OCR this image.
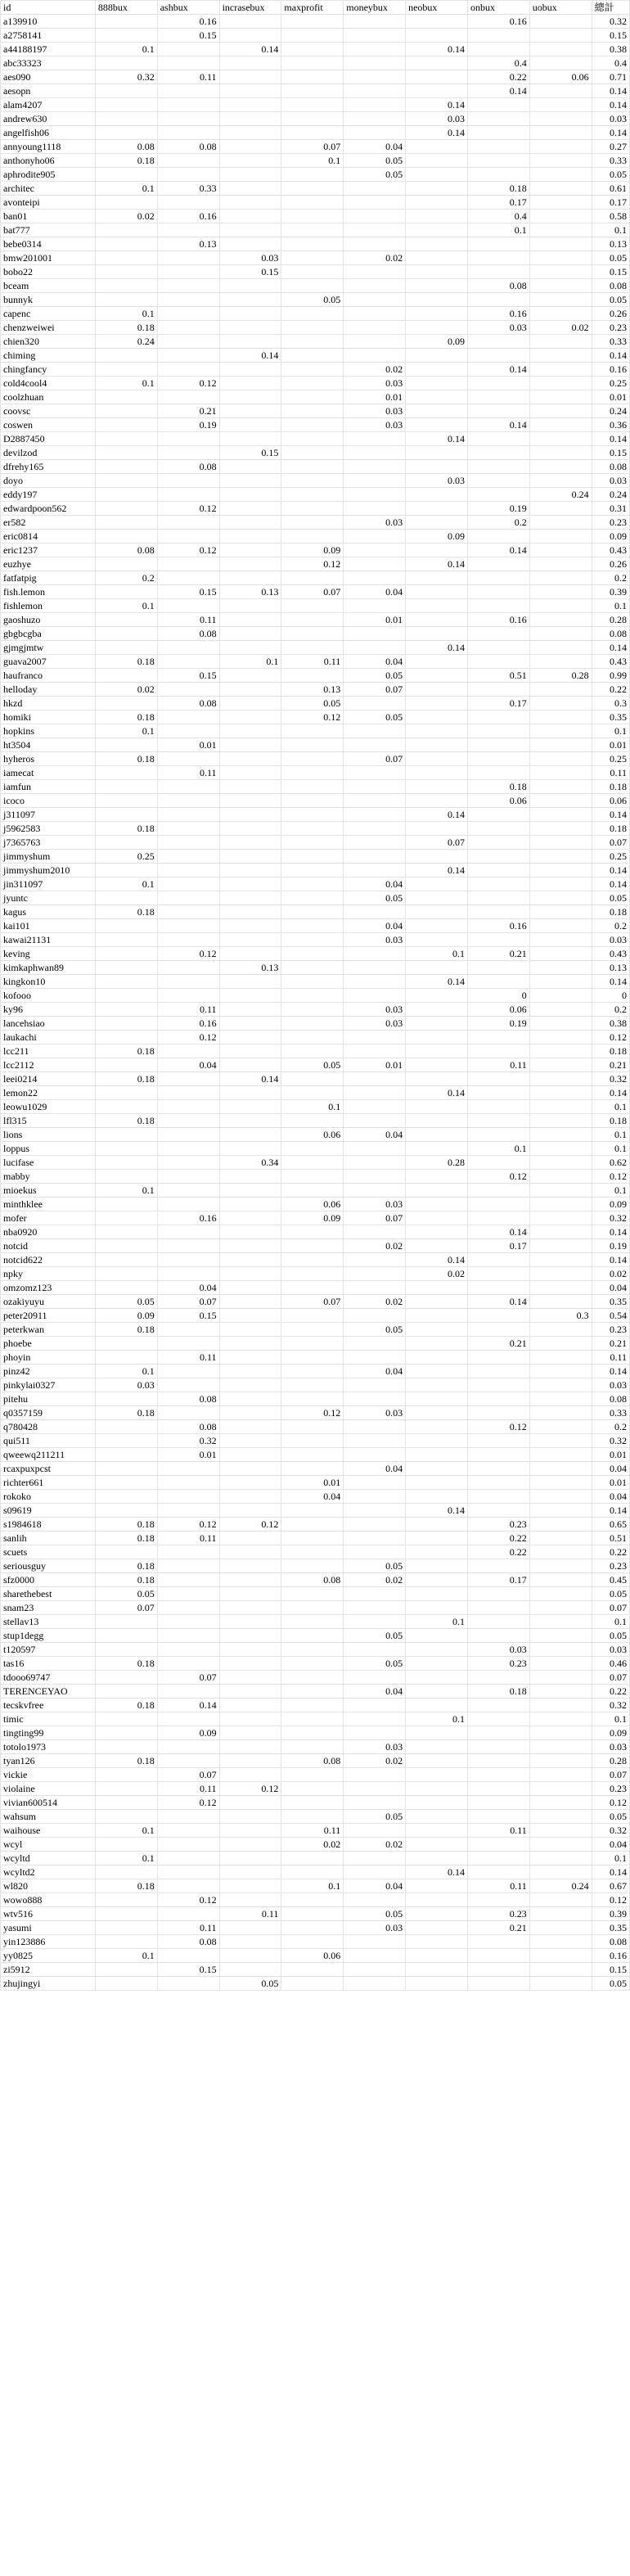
id	888bux	ashbux	incrasebux	maxprofit	moneybux	neobux	onbux	uobux	總計
a139910		0.16					0.16		0.32
a2758141		0.15							0.15
a44188197	0.1		0.14			0.14			0.38
abc33323							0.4		0.4
aes090	0.32	0.11					0.22	0.06	0.71
aesopn							0.14		0.14
alam4207						0.14			0.14
andrew630						0.03			0.03
angelfish06						0.14			0.14
annyoung1118	0.08	0.08		0.07	0.04				0.27
anthonyho06	0.18			0.1	0.05				0.33
aphrodite905					0.05				0.05
architec	0.1	0.33					0.18		0.61
avonteipi							0.17		0.17
ban01	0.02	0.16					0.4		0.58
bat777							0.1		0.1
bebe0314		0.13							0.13
bmw201001			0.03		0.02				0.05
bobo22			0.15						0.15
bceam							0.08		0.08
bunnyk				0.05					0.05
capenc	0.1						0.16		0.26
chenzweiwei	0.18						0.03	0.02	0.23
chien320	0.24					0.09			0.33
chiming			0.14						0.14
chingfancy					0.02		0.14		0.16
cold4cool4	0.1	0.12			0.03				0.25
coolzhuan					0.01				0.01
coovsc		0.21			0.03				0.24
coswen		0.19			0.03		0.14		0.36
D2887450						0.14			0.14
devilzod			0.15						0.15
dfrehy165		0.08							0.08
doyo						0.03			0.03
eddy197								0.24	0.24
edwardpoon562		0.12					0.19		0.31
er582					0.03		0.2		0.23
eric0814						0.09			0.09
eric1237	0.08	0.12		0.09			0.14		0.43
euzhye				0.12		0.14			0.26
fatfatpig	0.2								0.2
fish.lemon		0.15	0.13	0.07	0.04				0.39
fishlemon	0.1								0.1
gaoshuzo		0.11			0.01		0.16		0.28
gbgbcgba		0.08							0.08
gjmgjmtw						0.14			0.14
guava2007	0.18		0.1	0.11	0.04				0.43
haufranco		0.15			0.05		0.51	0.28	0.99
helloday	0.02			0.13	0.07				0.22
hkzd		0.08		0.05			0.17		0.3
homiki	0.18			0.12	0.05				0.35
hopkins	0.1								0.1
ht3504		0.01							0.01
hyheros	0.18				0.07				0.25
iamecat		0.11							0.11
iamfun							0.18		0.18
icoco							0.06		0.06
j311097						0.14			0.14
j5962583	0.18								0.18
j7365763						0.07			0.07
jimmyshum	0.25								0.25
jimmyshum2010						0.14			0.14
jin311097	0.1				0.04				0.14
jyuntc					0.05				0.05
kagus	0.18								0.18
kai101					0.04		0.16		0.2
kawai21131					0.03				0.03
keving		0.12				0.1	0.21		0.43
kimkaphwan89			0.13						0.13
kingkon10						0.14			0.14
kofooo							0		0
ky96		0.11			0.03		0.06		0.2
lancehsiao		0.16			0.03		0.19		0.38
laukachi		0.12							0.12
lcc211	0.18								0.18
lcc2112		0.04		0.05	0.01		0.11		0.21
leei0214	0.18		0.14						0.32
lemon22						0.14			0.14
leowu1029				0.1					0.1
lfl315	0.18								0.18
lions				0.06	0.04				0.1
loppus							0.1		0.1
lucifase			0.34			0.28			0.62
mabby							0.12		0.12
mioekus	0.1								0.1
minthklee				0.06	0.03				0.09
mofer		0.16		0.09	0.07				0.32
nba0920							0.14		0.14
notcid					0.02		0.17		0.19
notcid622						0.14			0.14
npky						0.02			0.02
omzomz123		0.04							0.04
ozakiyuyu	0.05	0.07		0.07	0.02		0.14		0.35
peter20911	0.09	0.15						0.3	0.54
peterkwan	0.18				0.05				0.23
phoebe							0.21		0.21
phoyin		0.11							0.11
pinz42	0.1				0.04				0.14
pinkylai0327	0.03								0.03
pitehu		0.08							0.08
q0357159	0.18			0.12	0.03				0.33
q780428		0.08					0.12		0.2
qui511		0.32							0.32
qweewq211211		0.01							0.01
rcaxpuxpcst					0.04				0.04
richter661				0.01					0.01
rokoko				0.04					0.04
s09619						0.14			0.14
s1984618	0.18	0.12	0.12				0.23		0.65
sanlih	0.18	0.11					0.22		0.51
scuets							0.22		0.22
seriousguy	0.18				0.05				0.23
sfz0000	0.18			0.08	0.02		0.17		0.45
sharethebest	0.05								0.05
snam23	0.07								0.07
stellav13						0.1			0.1
stup1degg					0.05				0.05
t120597							0.03		0.03
tas16	0.18				0.05		0.23		0.46
tdooo69747		0.07							0.07
TERENCEYAO					0.04		0.18		0.22
tecskvfree	0.18	0.14							0.32
timic						0.1			0.1
tingting99		0.09							0.09
totolo1973					0.03				0.03
tyan126	0.18			0.08	0.02				0.28
vickie		0.07							0.07
violaine		0.11	0.12						0.23
vivian600514		0.12							0.12
wahsum					0.05				0.05
waihouse	0.1			0.11			0.11		0.32
wcyl				0.02	0.02				0.04
wcyltd	0.1								0.1
wcyltd2						0.14			0.14
wl820	0.18			0.1	0.04		0.11	0.24	0.67
wowo888		0.12							0.12
wtv516			0.11		0.05		0.23		0.39
yasumi		0.11			0.03		0.21		0.35
yin123886		0.08							0.08
yy0825	0.1			0.06					0.16
zi5912		0.15							0.15
zhujingyi			0.05						0.05
